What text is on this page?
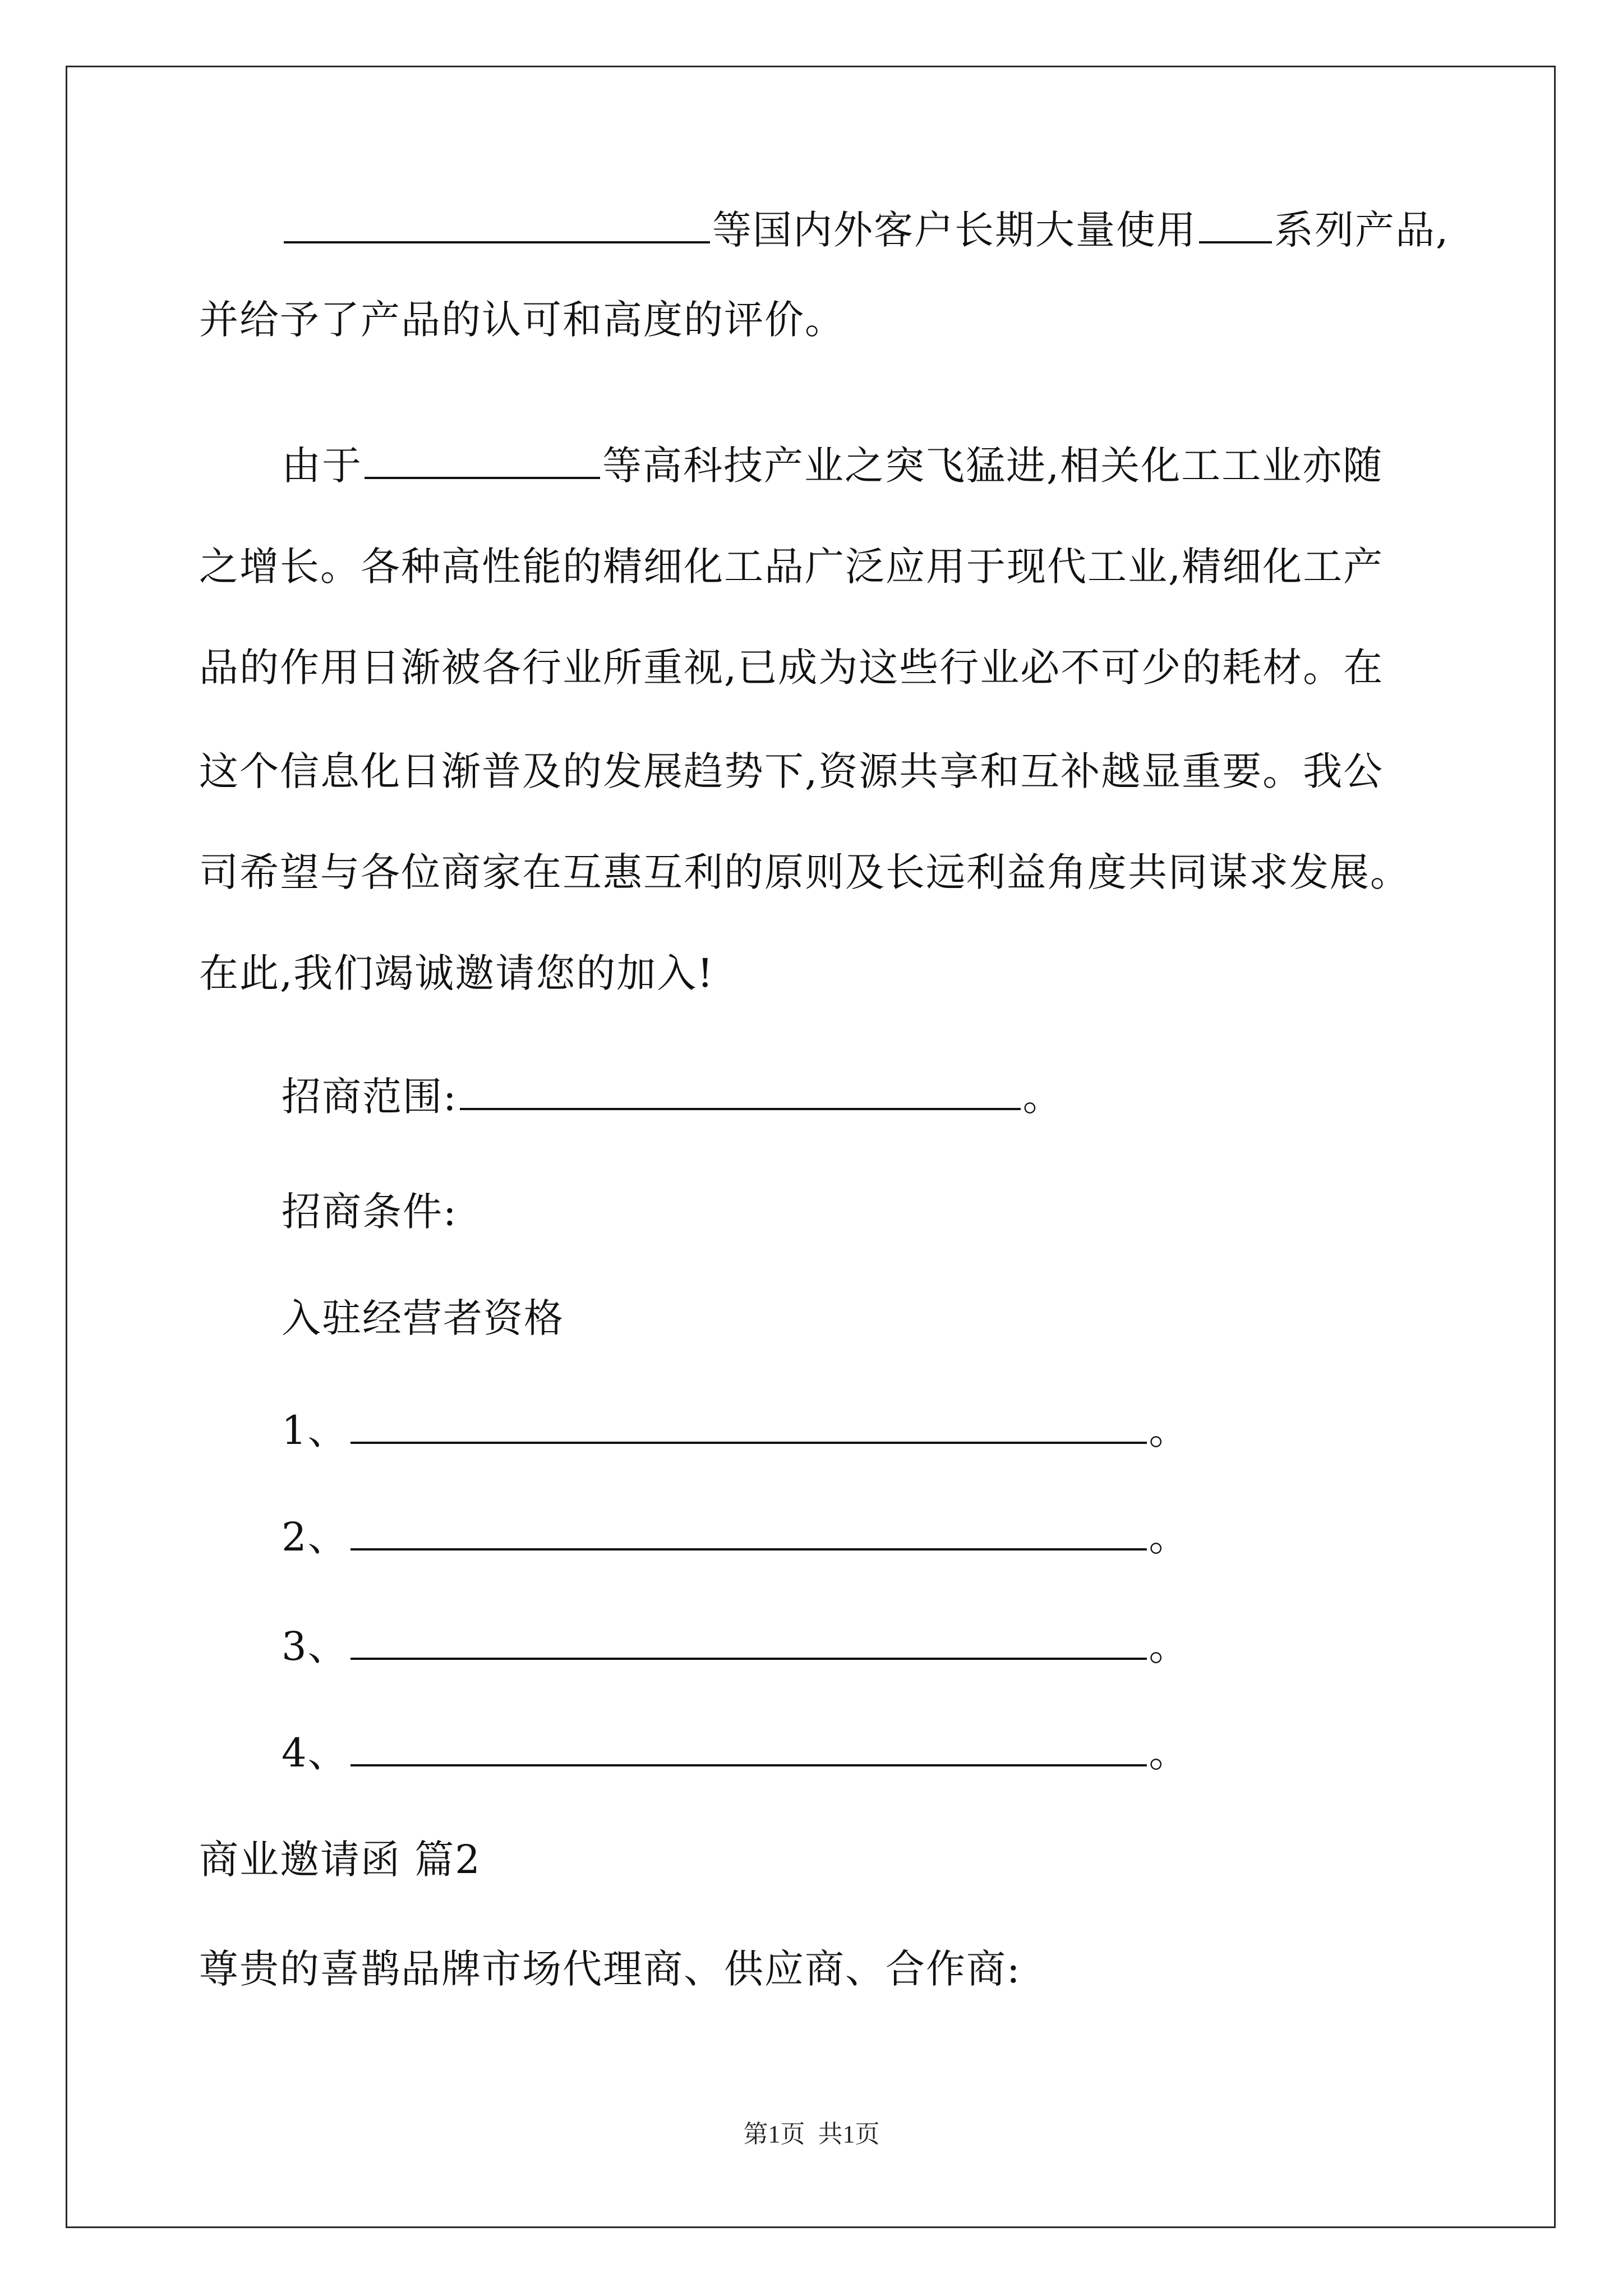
等国内外客户长期大量使用 系列产品,
并给予了产品的认可和高度的评价。
由于	等高科技产业之突飞猛进,相关化工工业亦随
之增长。各种高性能的精细化工品广泛应用于现代工业,精细化工产
品的作用日渐被各行业所重视,已成为这些行业必不可少的耗材。在
这个信息化日渐普及的发展趋势下,资源共享和互补越显重要。我公
司希望与各位商家在互惠互利的原则及长远利益角度共同谋求发展。
在此,我们竭诚邀请您的加入!
招商范围:	。
招商条件:
入驻经营者资格
1、	。
2、	。
3、	。
4、	。
商业邀请函 篇2
尊贵的喜鹊品牌市场代理商、供应商、合作商:
第1页 共1页
